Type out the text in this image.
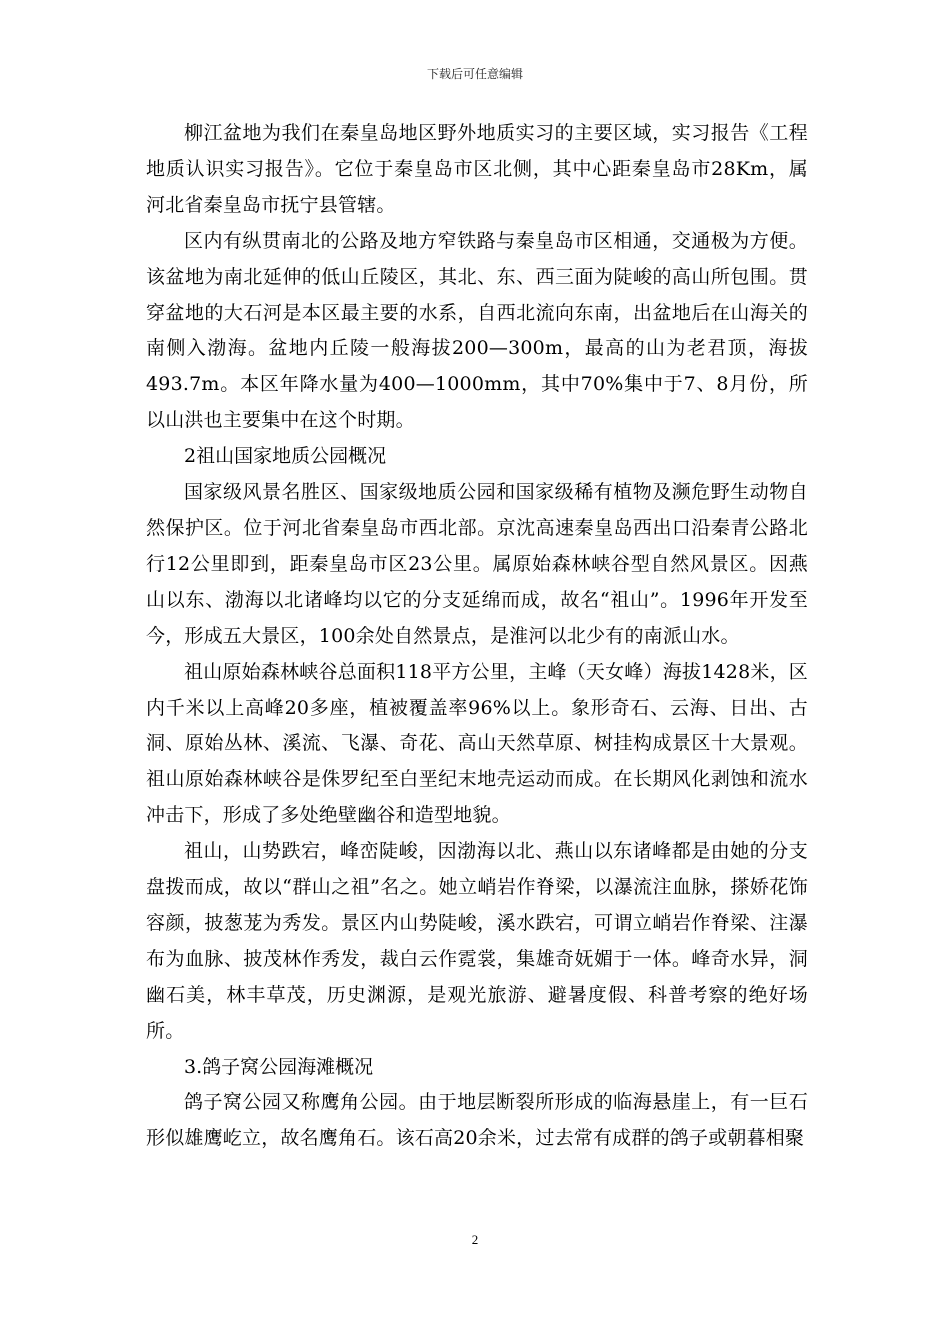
下载后可任意编辑

柳江盆地为我们在秦皇岛地区野外地质实习的主要区域，实习报告《工程地质认识实习报告》。它位于秦皇岛市区北侧，其中心距秦皇岛市28Km，属河北省秦皇岛市抚宁县管辖。

区内有纵贯南北的公路及地方窄铁路与秦皇岛市区相通，交通极为方便。该盆地为南北延伸的低山丘陵区，其北、东、西三面为陡峻的高山所包围。贯穿盆地的大石河是本区最主要的水系，自西北流向东南，出盆地后在山海关的南侧入渤海。盆地内丘陵一般海拔200—300m，最高的山为老君顶，海拔493.7m。本区年降水量为400—1000mm，其中70%集中于7、8月份，所以山洪也主要集中在这个时期。

2祖山国家地质公园概况

国家级风景名胜区、国家级地质公园和国家级稀有植物及濒危野生动物自然保护区。位于河北省秦皇岛市西北部。京沈高速秦皇岛西出口沿秦青公路北行12公里即到，距秦皇岛市区23公里。属原始森林峡谷型自然风景区。因燕山以东、渤海以北诸峰均以它的分支延绵而成，故名“祖山”。1996年开发至今，形成五大景区，100余处自然景点，是淮河以北少有的南派山水。

祖山原始森林峡谷总面积118平方公里，主峰（天女峰）海拔1428米，区内千米以上高峰20多座，植被覆盖率96%以上。象形奇石、云海、日出、古洞、原始丛林、溪流、飞瀑、奇花、高山天然草原、树挂构成景区十大景观。祖山原始森林峡谷是侏罗纪至白垩纪末地壳运动而成。在长期风化剥蚀和流水冲击下，形成了多处绝壁幽谷和造型地貌。

祖山，山势跌宕，峰峦陡峻，因渤海以北、燕山以东诸峰都是由她的分支盘拨而成，故以“群山之祖”名之。她立峭岩作脊梁，以瀑流注血脉，搽娇花饰容颜，披葱茏为秀发。景区内山势陡峻，溪水跌宕，可谓立峭岩作脊梁、注瀑布为血脉、披茂林作秀发，裁白云作霓裳，集雄奇妩媚于一体。峰奇水异，洞幽石美，林丰草茂，历史渊源，是观光旅游、避暑度假、科普考察的绝好场所。

3.鸽子窝公园海滩概况

鸽子窝公园又称鹰角公园。由于地层断裂所形成的临海悬崖上，有一巨石形似雄鹰屹立，故名鹰角石。该石高20余米，过去常有成群的鸽子或朝暮相聚

2
